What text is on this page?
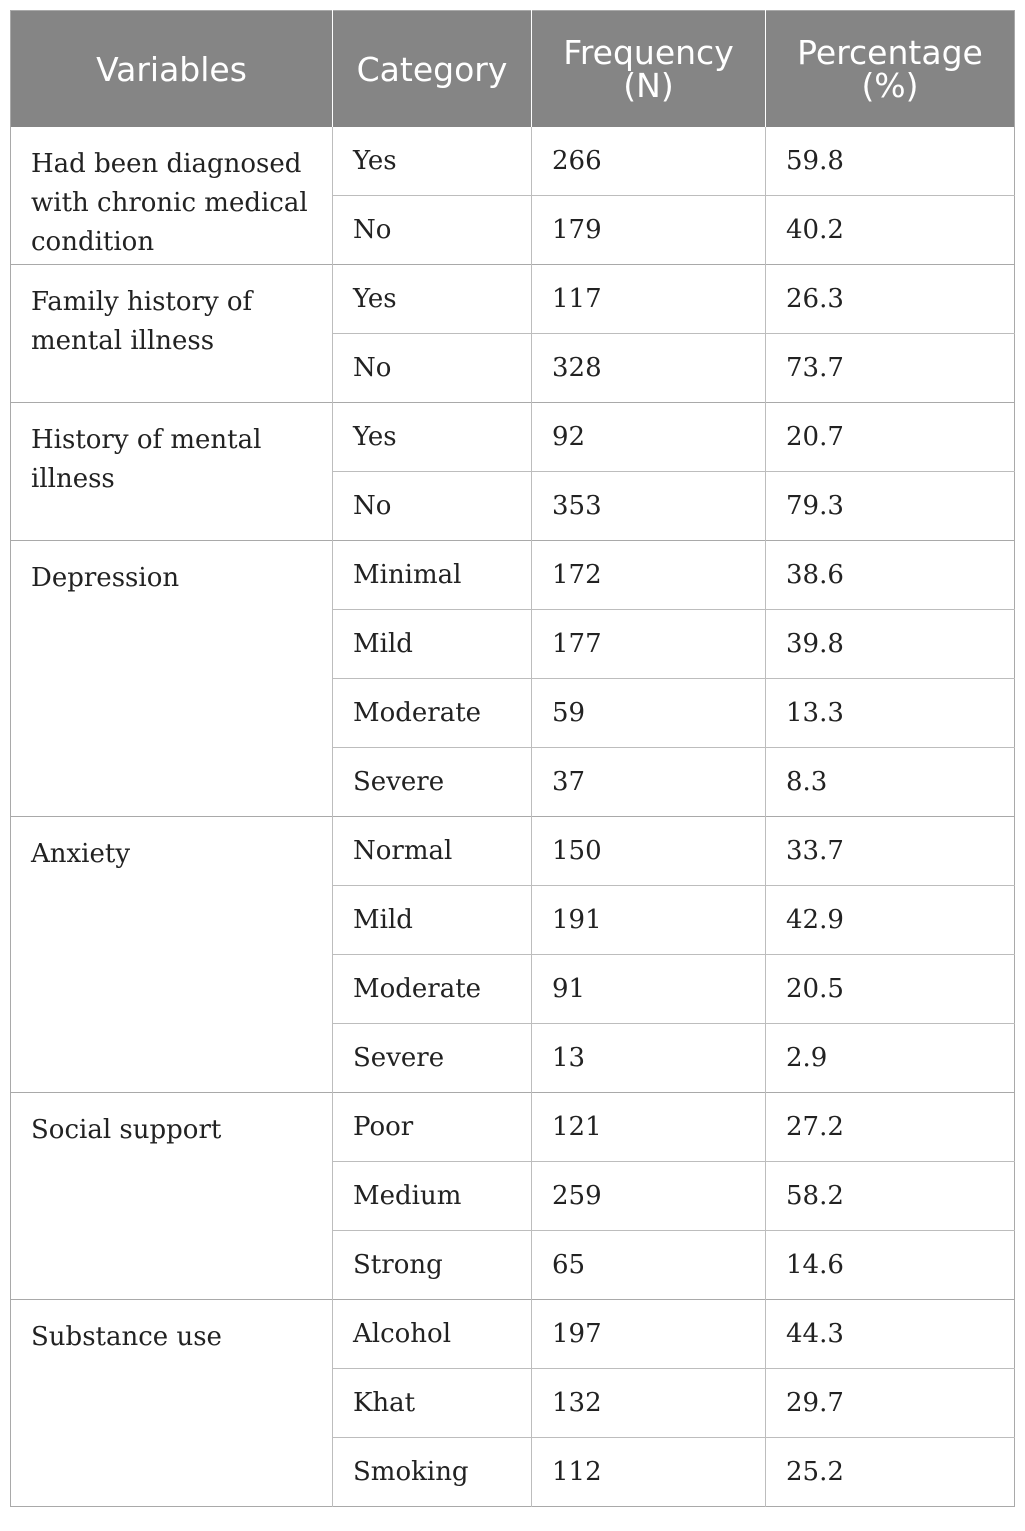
Variables	Category	Frequency (N)	Percentage (%)
Had been diagnosed with chronic medical condition	Yes	266	59.8
	No	179	40.2
Family history of mental illness	Yes	117	26.3
	No	328	73.7
History of mental illness	Yes	92	20.7
	No	353	79.3
Depression	Minimal	172	38.6
	Mild	177	39.8
	Moderate	59	13.3
	Severe	37	8.3
Anxiety	Normal	150	33.7
	Mild	191	42.9
	Moderate	91	20.5
	Severe	13	2.9
Social support	Poor	121	27.2
	Medium	259	58.2
	Strong	65	14.6
Substance use	Alcohol	197	44.3
	Khat	132	29.7
	Smoking	112	25.2
